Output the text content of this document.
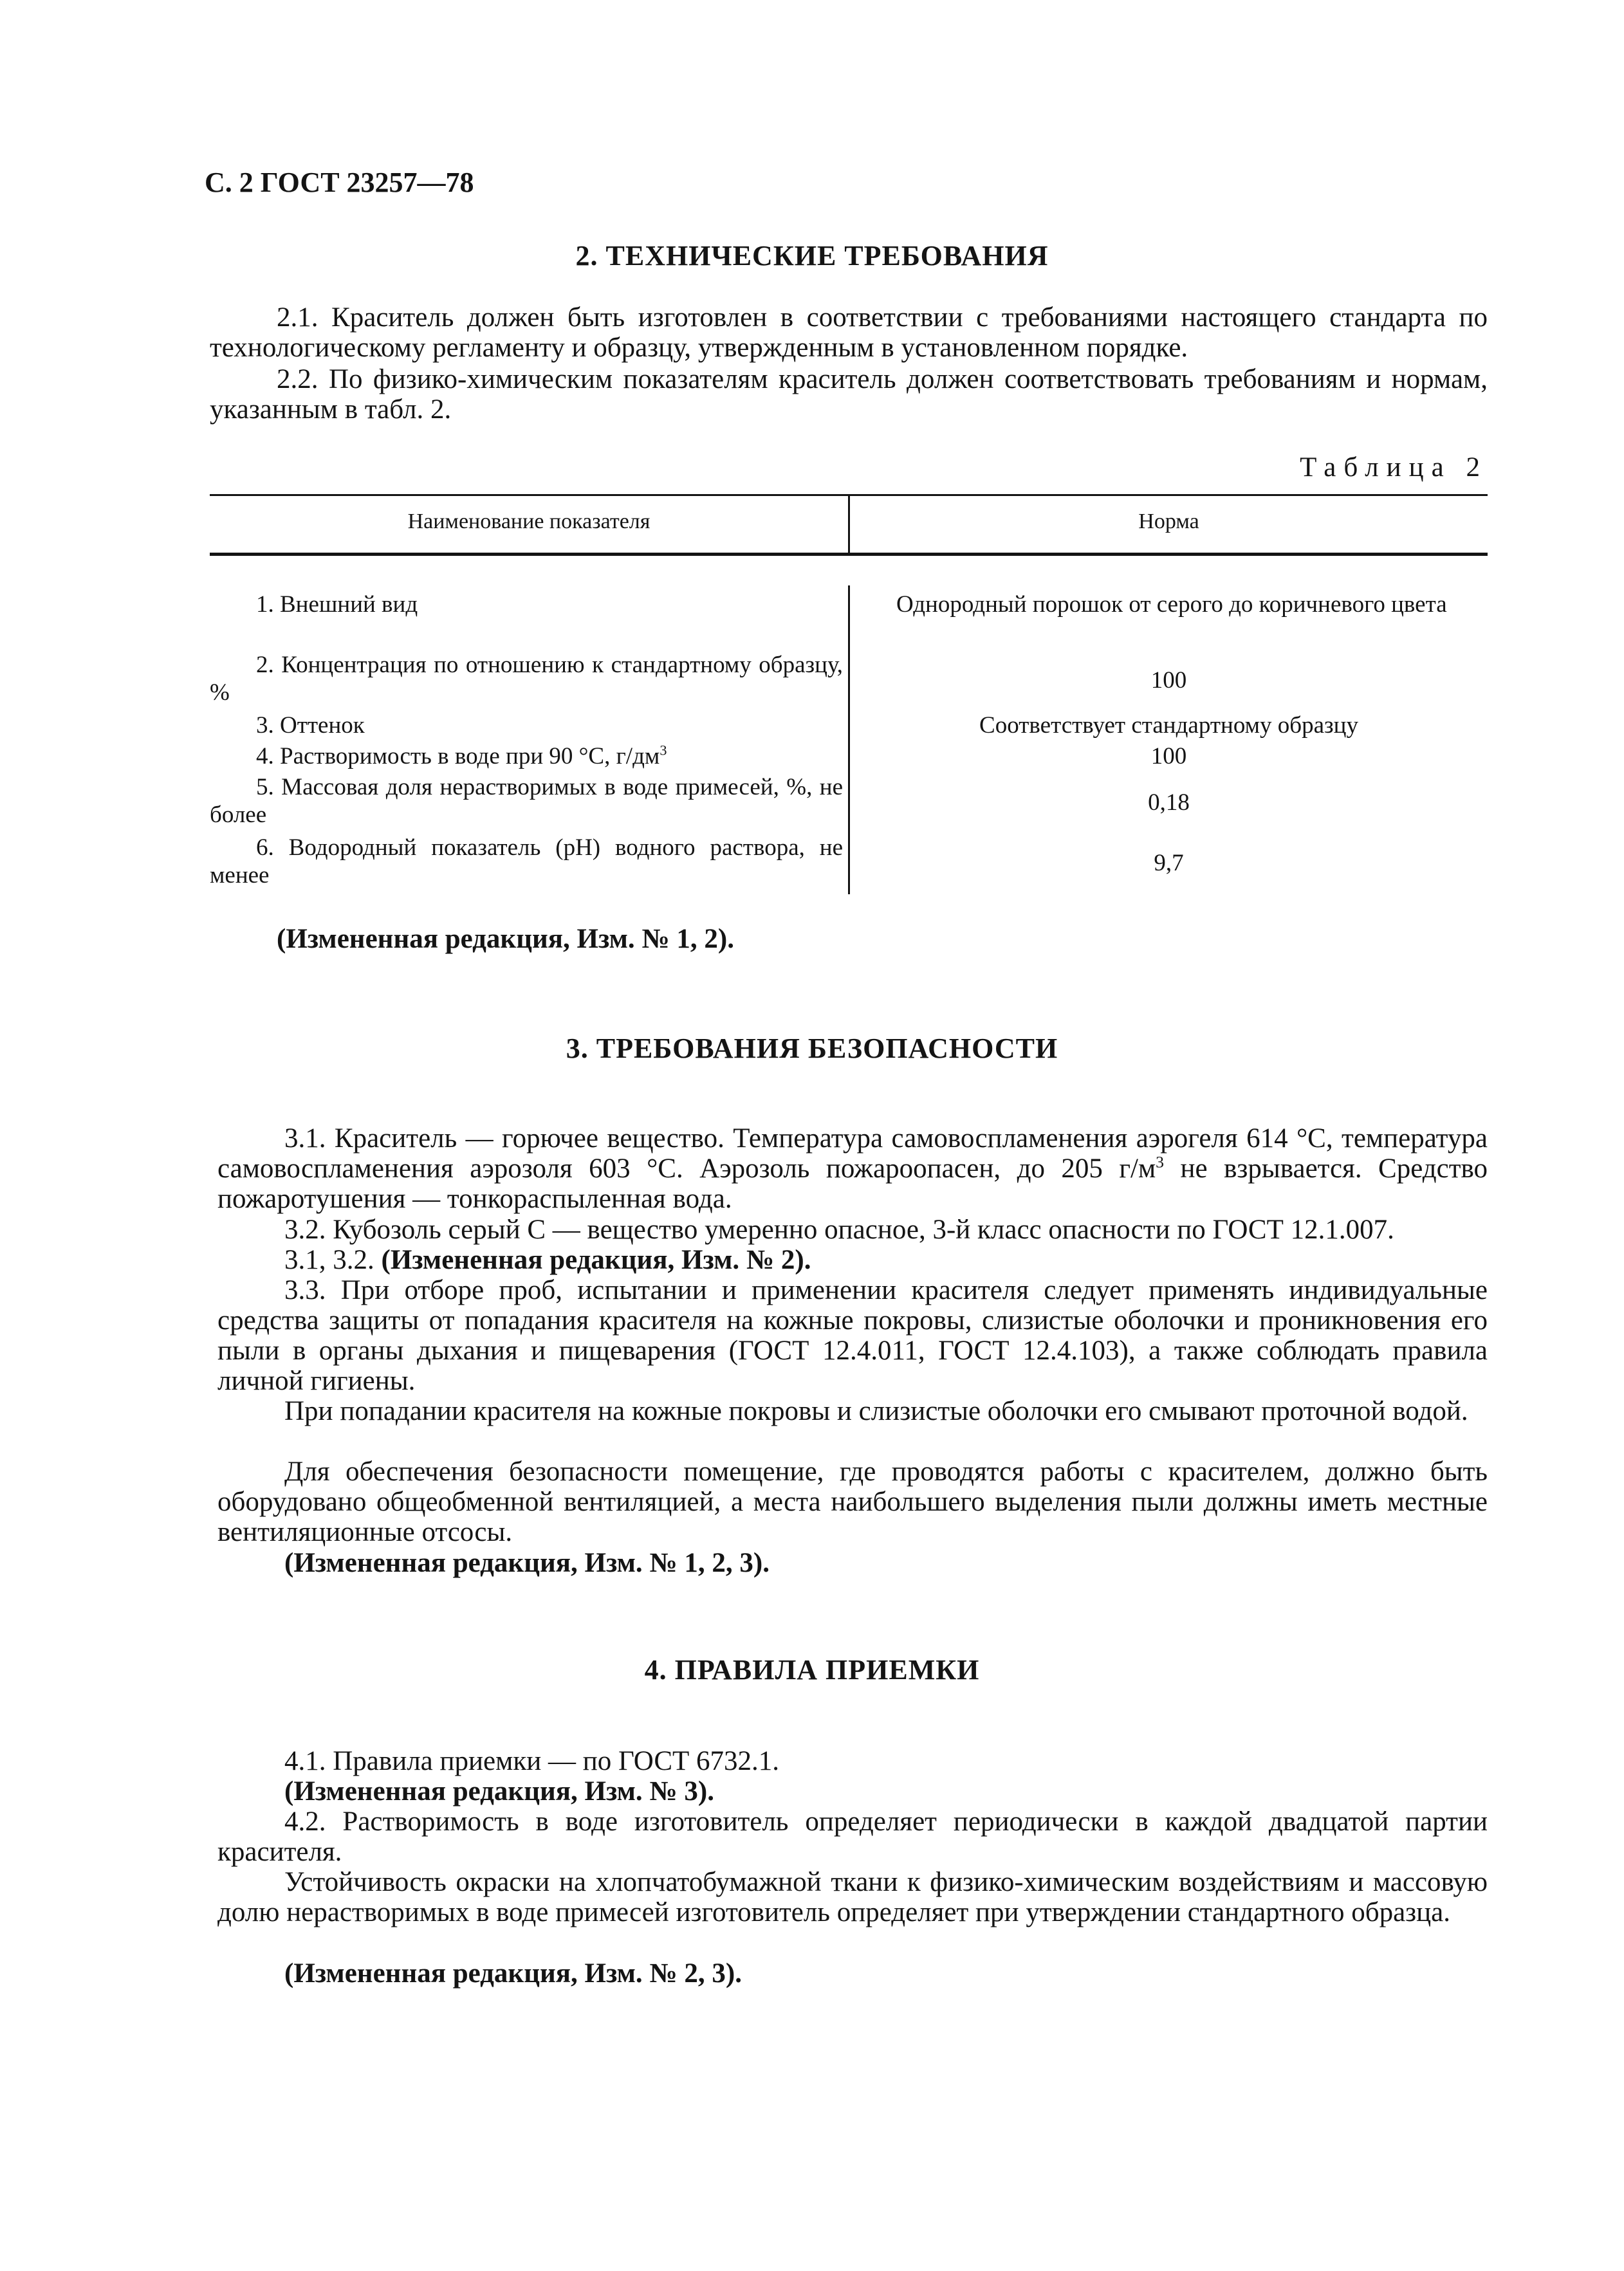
С. 2 ГОСТ 23257—78
2. ТЕХНИЧЕСКИЕ ТРЕБОВАНИЯ
2.1. Краситель должен быть изготовлен в соответствии с требованиями настоящего стандарта по технологическому регламенту и образцу, утвержденным в установленном порядке.
2.2. По физико-химическим показателям краситель должен соответствовать требованиям и нормам, указанным в табл. 2.
Таблица 2
Наименование показателя	Норма
1. Внешний вид	Однородный порошок от серого до коричневого цвета
2. Концентрация по отношению к стандартному образцу, %	100
3. Оттенок	Соответствует стандартному образцу
4. Растворимость в воде при 90 °С, $г/дм^3$	100
5. Массовая доля нерастворимых в воде примесей, %, не более	0,18
6. Водородный показатель (рН) водного раствора, не менее	9,7
(Измененная редакция, Изм. № 1, 2).
3. ТРЕБОВАНИЯ БЕЗОПАСНОСТИ
3.1. Краситель — горючее вещество. Температура самовоспламенения аэрогеля 614 °С, температура самовоспламенения аэрозоля 603 °С. Аэрозоль пожароопасен, до 205 $г/м^3$ не взрывается. Средство пожаротушения — тонкораспыленная вода.
3.2. Кубозоль серый С — вещество умеренно опасное, 3-й класс опасности по ГОСТ 12.1.007.
3.1, 3.2. (Измененная редакция, Изм. № 2).
3.3. При отборе проб, испытании и применении красителя следует применять индивидуальные средства защиты от попадания красителя на кожные покровы, слизистые оболочки и проникновения его пыли в органы дыхания и пищеварения (ГОСТ 12.4.011, ГОСТ 12.4.103), а также соблюдать правила личной гигиены.
При попадании красителя на кожные покровы и слизистые оболочки его смывают проточной водой.
Для обеспечения безопасности помещение, где проводятся работы с красителем, должно быть оборудовано общеобменной вентиляцией, а места наибольшего выделения пыли должны иметь местные вентиляционные отсосы.
(Измененная редакция, Изм. № 1, 2, 3).
4. ПРАВИЛА ПРИЕМКИ
4.1. Правила приемки — по ГОСТ 6732.1.
(Измененная редакция, Изм. № 3).
4.2. Растворимость в воде изготовитель определяет периодически в каждой двадцатой партии красителя.
Устойчивость окраски на хлопчатобумажной ткани к физико-химическим воздействиям и массовую долю нерастворимых в воде примесей изготовитель определяет при утверждении стандартного образца.
(Измененная редакция, Изм. № 2, 3).
